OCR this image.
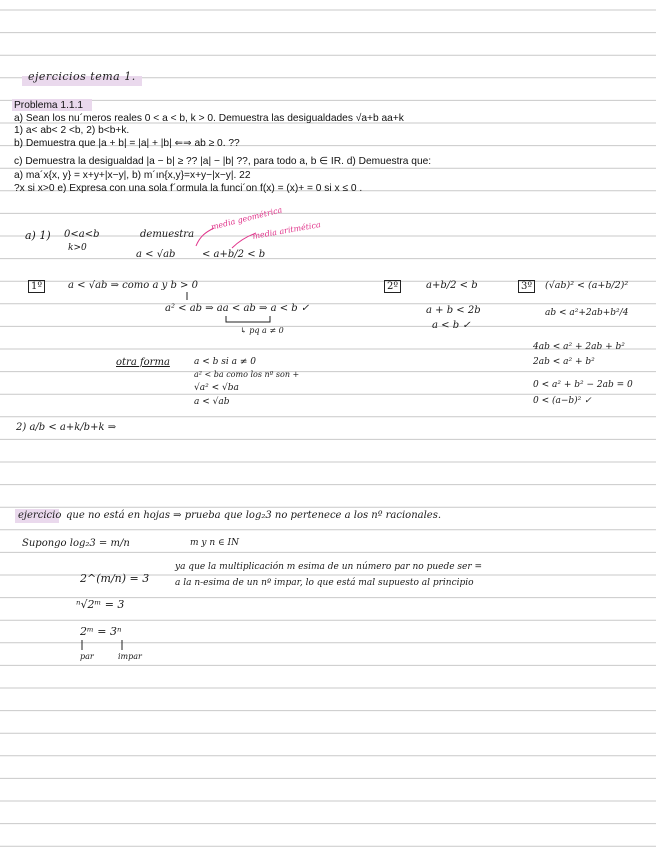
ejercicios tema 1.
Problema 1.1.1
a) Sean los nu´meros reales 0 < a < b, k > 0. Demuestra las desigualdades √a+b aa+k
1) a< ab< 2 <b, 2) b<b+k.
b) Demuestra que |a + b| = |a| + |b| ⇐⇒ ab ≥ 0. ??
c) Demuestra la desigualdad |a − b| ≥ ?? |a| − |b| ??, para todo a, b ∈ IR. d) Demuestra que:
a) ma´x{x, y} = x+y+|x−y|, b) m´ın{x,y}=x+y−|x−y|. 22
?x si x>0 e) Expresa con una sola f´ormula la funci´on f(x) = (x)+ = 0 si x ≤ 0 .
a) 1) 0<a<b
k>0
demuestra
a < √ab	< a+b/2 < b
media geométrica
media aritmética
1º	a < √ab ⇒ como a y b > 0
a² < ab ⇒ aa < ab ⇒ a < b ✓
↳ pq a ≠ 0
otra forma	a < b si a ≠ 0
a² < ba como los nº son +
√a² < √ba
a < √ab
2º	a+b/2 < b
a + b < 2b
a < b ✓
3º	(√ab)² < (a+b/2)²
ab < a²+2ab+b²/4
4ab < a² + 2ab + b²
2ab < a² + b²
0 < a² + b² − 2ab = 0
0 < (a−b)² ✓
2) a/b < a+k/b+k ⇒
ejercicio que no está en hojas ⇒ prueba que log₂3 no pertenece a los nº racionales.
Supongo log₂3 = m/n	m y n ∈ IN
2^(m/n) = 3
ⁿ√2ᵐ = 3
2ᵐ = 3ⁿ
par	impar
ya que la multiplicación m esima de un número par no puede ser =
a la n-esima de un nº impar, lo que está mal supuesto al principio
